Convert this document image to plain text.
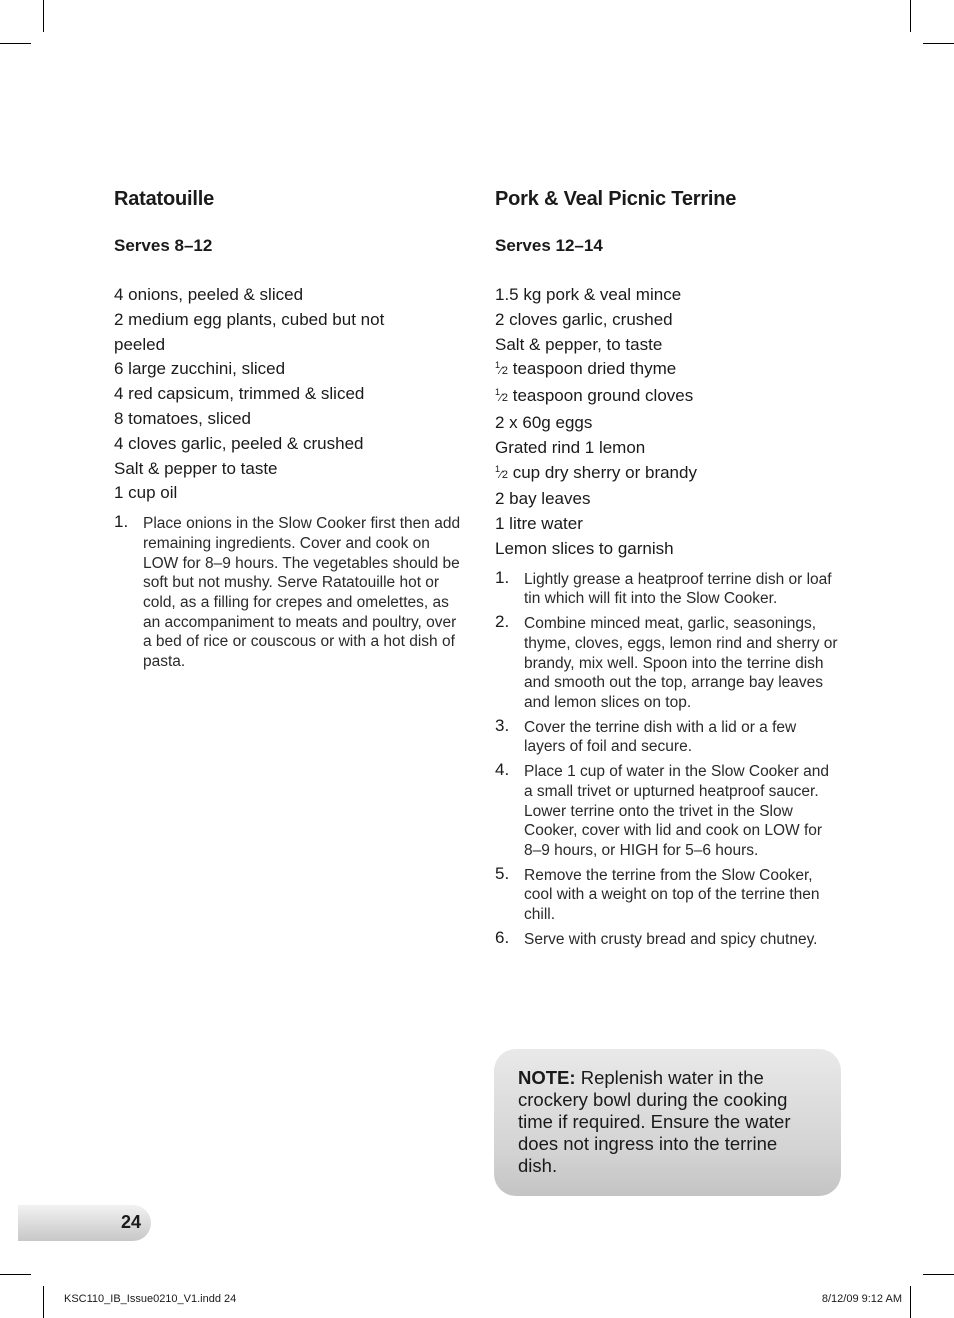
Ratatouille

Serves 8–12

4 onions, peeled & sliced
2 medium egg plants, cubed but not
peeled
6 large zucchini, sliced
4 red capsicum, trimmed & sliced
8 tomatoes, sliced
4 cloves garlic, peeled & crushed
Salt & pepper to taste
1 cup oil
1. Place onions in the Slow Cooker first then add remaining ingredients. Cover and cook on LOW for 8–9 hours. The vegetables should be soft but not mushy. Serve Ratatouille hot or cold, as a filling for crepes and omelettes, as an accompaniment to meats and poultry, over a bed of rice or couscous or with a hot dish of pasta.
Pork & Veal Picnic Terrine

Serves 12–14

1.5 kg pork & veal mince
2 cloves garlic, crushed
Salt & pepper, to taste
$^1$⁄2 teaspoon dried thyme
$^1$⁄2 teaspoon ground cloves
2 x 60g eggs
Grated rind 1 lemon
$^1$⁄2 cup dry sherry or brandy
2 bay leaves
1 litre water
Lemon slices to garnish
1. Lightly grease a heatproof terrine dish or loaf tin which will fit into the Slow Cooker.
2. Combine minced meat, garlic, seasonings, thyme, cloves, eggs, lemon rind and sherry or brandy, mix well. Spoon into the terrine dish and smooth out the top, arrange bay leaves and lemon slices on top.
3. Cover the terrine dish with a lid or a few layers of foil and secure.
4. Place 1 cup of water in the Slow Cooker and a small trivet or upturned heatproof saucer. Lower terrine onto the trivet in the Slow Cooker, cover with lid and cook on LOW for 8–9 hours, or HIGH for 5–6 hours.
5. Remove the terrine from the Slow Cooker, cool with a weight on top of the terrine then chill.
6. Serve with crusty bread and spicy chutney.
NOTE: Replenish water in the crockery bowl during the cooking time if required. Ensure the water does not ingress into the terrine dish.
24
KSC110_IB_Issue0210_V1.indd 24	8/12/09 9:12 AM
